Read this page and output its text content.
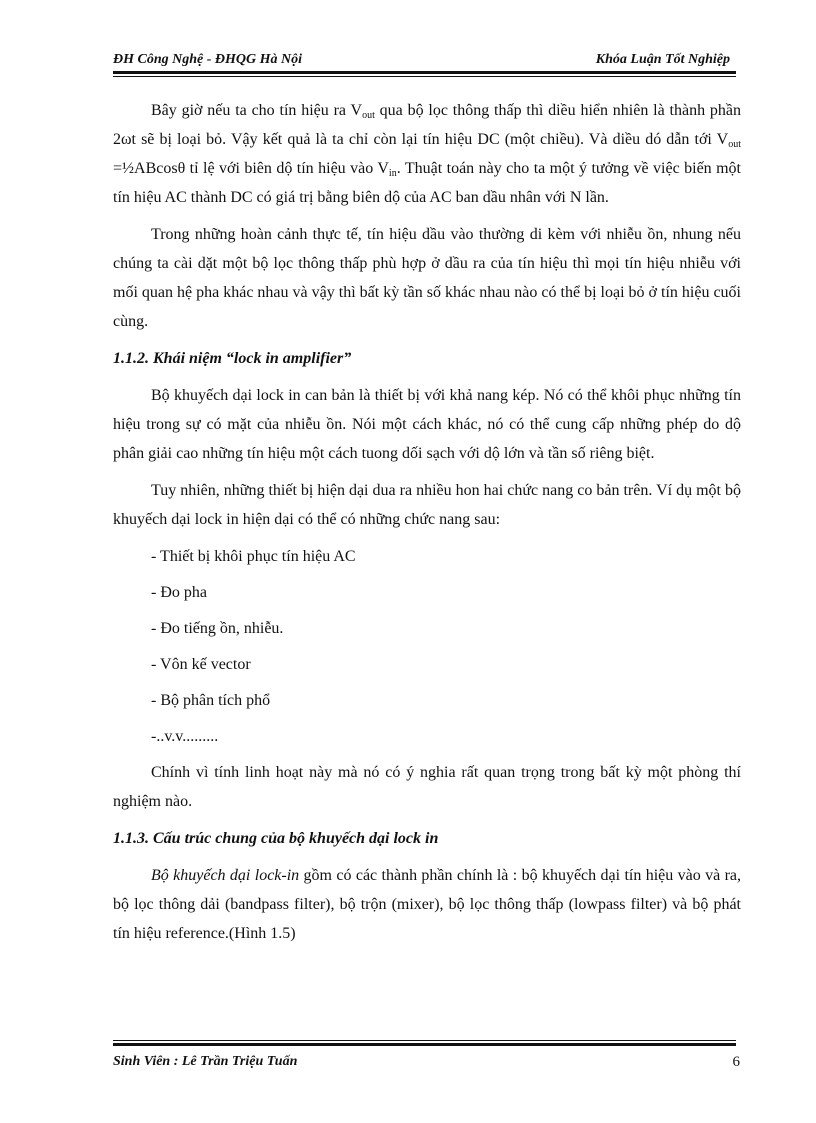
ĐH Công Nghệ - ĐHQG Hà Nội	Khóa Luận Tốt Nghiệp

Bây giờ nếu ta cho tín hiệu ra $V_{out}$ qua bộ lọc thông thấp thì diều hiển nhiên là thành phần 2ωt sẽ bị loại bỏ. Vậy kết quả là ta chỉ còn lại tín hiệu DC (một chiều). Và diều dó dẫn tới $V_{out}$ =½ABcosθ tỉ lệ với biên dộ tín hiệu vào $V_{in}$. Thuật toán này cho ta một ý tưởng về việc biến một tín hiệu AC thành DC có giá trị bằng biên dộ của AC ban dầu nhân với N lần.

Trong những hoàn cảnh thực tế, tín hiệu dầu vào thường di kèm với nhiễu ồn, nhung nếu chúng ta cài dặt một bộ lọc thông thấp phù hợp ở dầu ra của tín hiệu thì mọi tín hiệu nhiễu với mối quan hệ pha khác nhau và vậy thì bất kỳ tần số khác nhau nào có thể bị loại bỏ ở tín hiệu cuối cùng.

1.1.2. Khái niệm “lock in amplifier”

Bộ khuyếch dại lock in can bản là thiết bị với khả nang kép. Nó có thể khôi phục những tín hiệu trong sự có mặt của nhiễu ồn. Nói một cách khác, nó có thể cung cấp những phép do dộ phân giải cao những tín hiệu một cách tuong dối sạch với dộ lớn và tần số riêng biệt.

Tuy nhiên, những thiết bị hiện dại dua ra nhiều hon hai chức nang co bản trên. Ví dụ một bộ khuyếch dại lock in hiện dại có thể có những chức nang sau:

- Thiết bị khôi phục tín hiệu AC

- Đo pha

- Đo tiếng ồn, nhiễu.

- Vôn kế vector

- Bộ phân tích phổ

-..v.v.........

Chính vì tính linh hoạt này mà nó có ý nghia rất quan trọng trong bất kỳ một phòng thí nghiệm nào.

1.1.3. Cấu trúc chung của bộ khuyếch dại lock in

Bộ khuyếch dại lock-in gồm có các thành phần chính là : bộ khuyếch dại tín hiệu vào và ra, bộ lọc thông dải (bandpass filter), bộ trộn (mixer), bộ lọc thông thấp (lowpass filter) và bộ phát tín hiệu reference.(Hình 1.5)

Sinh Viên : Lê Trần Triệu Tuấn	6
